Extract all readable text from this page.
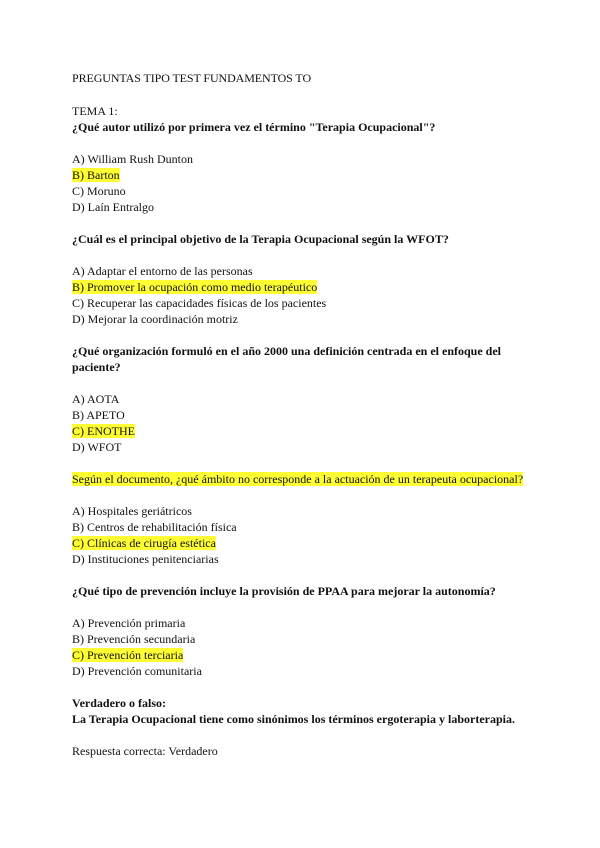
PREGUNTAS TIPO TEST FUNDAMENTOS TO
TEMA 1:
¿Qué autor utilizó por primera vez el término "Terapia Ocupacional"?
A) William Rush Dunton
B) Barton
C) Moruno
D) Laín Entralgo
¿Cuál es el principal objetivo de la Terapia Ocupacional según la WFOT?
A) Adaptar el entorno de las personas
B) Promover la ocupación como medio terapéutico
C) Recuperar las capacidades físicas de los pacientes
D) Mejorar la coordinación motriz
¿Qué organización formuló en el año 2000 una definición centrada en el enfoque del paciente?
A) AOTA
B) APETO
C) ENOTHE
D) WFOT
Según el documento, ¿qué ámbito no corresponde a la actuación de un terapeuta ocupacional?
A) Hospitales geriátricos
B) Centros de rehabilitación física
C) Clínicas de cirugía estética
D) Instituciones penitenciarias
¿Qué tipo de prevención incluye la provisión de PPAA para mejorar la autonomía?
A) Prevención primaria
B) Prevención secundaria
C) Prevención terciaria
D) Prevención comunitaria
Verdadero o falso:
La Terapia Ocupacional tiene como sinónimos los términos ergoterapia y laborterapia.
Respuesta correcta: Verdadero
